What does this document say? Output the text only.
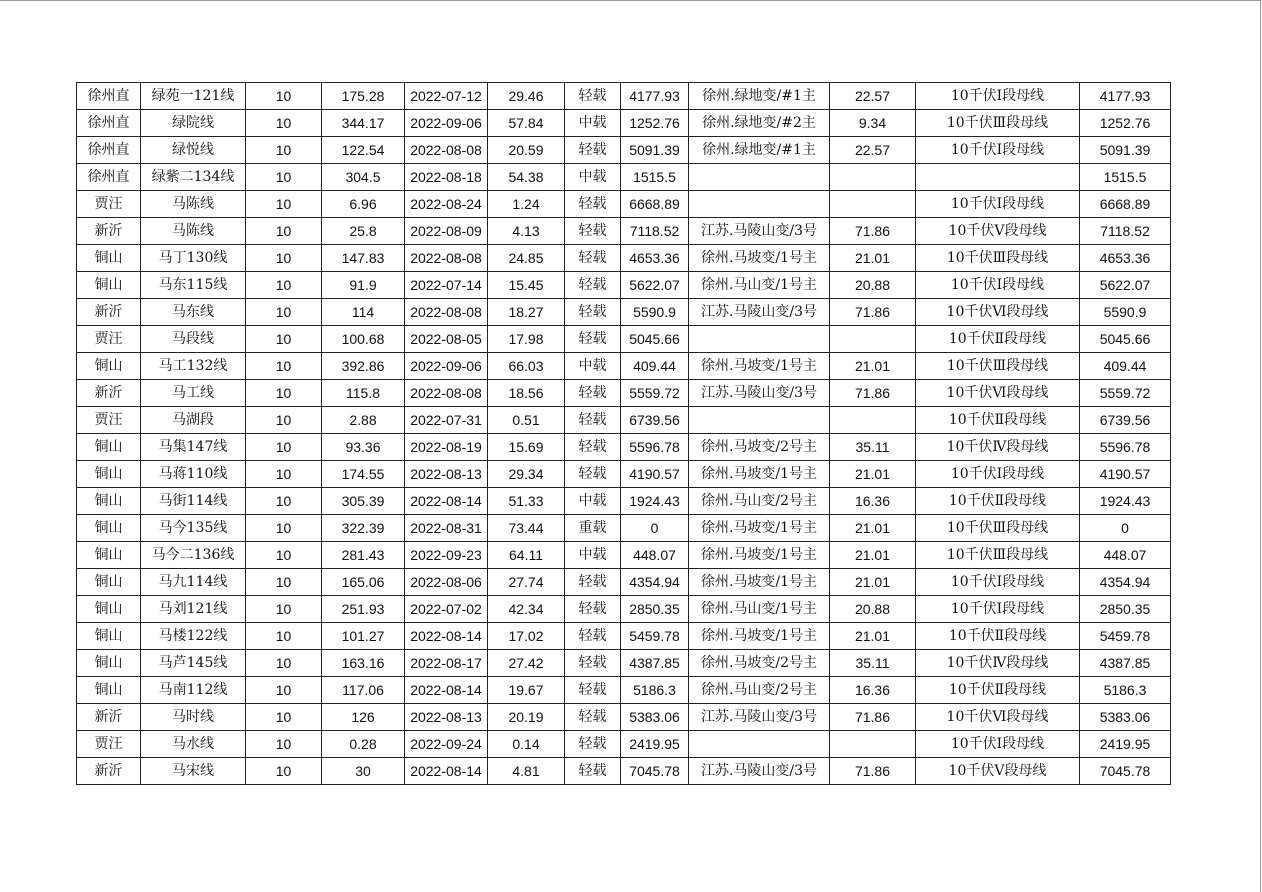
徐州直	绿苑一121线	10	175.28	2022-07-12	29.46	轻载	4177.93	徐州.绿地变/#1主	22.57	10千伏Ⅰ段母线	4177.93
徐州直	绿院线	10	344.17	2022-09-06	57.84	中载	1252.76	徐州.绿地变/#2主	9.34	10千伏Ⅲ段母线	1252.76
徐州直	绿悦线	10	122.54	2022-08-08	20.59	轻载	5091.39	徐州.绿地变/#1主	22.57	10千伏Ⅰ段母线	5091.39
徐州直	绿紫二134线	10	304.5	2022-08-18	54.38	中载	1515.5				1515.5
贾汪	马陈线	10	6.96	2022-08-24	1.24	轻载	6668.89			10千伏Ⅰ段母线	6668.89
新沂	马陈线	10	25.8	2022-08-09	4.13	轻载	7118.52	江苏.马陵山变/3号	71.86	10千伏Ⅴ段母线	7118.52
铜山	马丁130线	10	147.83	2022-08-08	24.85	轻载	4653.36	徐州.马坡变/1号主	21.01	10千伏Ⅲ段母线	4653.36
铜山	马东115线	10	91.9	2022-07-14	15.45	轻载	5622.07	徐州.马山变/1号主	20.88	10千伏Ⅰ段母线	5622.07
新沂	马东线	10	114	2022-08-08	18.27	轻载	5590.9	江苏.马陵山变/3号	71.86	10千伏Ⅵ段母线	5590.9
贾汪	马段线	10	100.68	2022-08-05	17.98	轻载	5045.66			10千伏Ⅱ段母线	5045.66
铜山	马工132线	10	392.86	2022-09-06	66.03	中载	409.44	徐州.马坡变/1号主	21.01	10千伏Ⅲ段母线	409.44
新沂	马工线	10	115.8	2022-08-08	18.56	轻载	5559.72	江苏.马陵山变/3号	71.86	10千伏Ⅵ段母线	5559.72
贾汪	马湖段	10	2.88	2022-07-31	0.51	轻载	6739.56			10千伏Ⅱ段母线	6739.56
铜山	马集147线	10	93.36	2022-08-19	15.69	轻载	5596.78	徐州.马坡变/2号主	35.11	10千伏Ⅳ段母线	5596.78
铜山	马蒋110线	10	174.55	2022-08-13	29.34	轻载	4190.57	徐州.马坡变/1号主	21.01	10千伏Ⅰ段母线	4190.57
铜山	马街114线	10	305.39	2022-08-14	51.33	中载	1924.43	徐州.马山变/2号主	16.36	10千伏Ⅱ段母线	1924.43
铜山	马今135线	10	322.39	2022-08-31	73.44	重载	0	徐州.马坡变/1号主	21.01	10千伏Ⅲ段母线	0
铜山	马今二136线	10	281.43	2022-09-23	64.11	中载	448.07	徐州.马坡变/1号主	21.01	10千伏Ⅲ段母线	448.07
铜山	马九114线	10	165.06	2022-08-06	27.74	轻载	4354.94	徐州.马坡变/1号主	21.01	10千伏Ⅰ段母线	4354.94
铜山	马刘121线	10	251.93	2022-07-02	42.34	轻载	2850.35	徐州.马山变/1号主	20.88	10千伏Ⅰ段母线	2850.35
铜山	马楼122线	10	101.27	2022-08-14	17.02	轻载	5459.78	徐州.马坡变/1号主	21.01	10千伏Ⅱ段母线	5459.78
铜山	马芦145线	10	163.16	2022-08-17	27.42	轻载	4387.85	徐州.马坡变/2号主	35.11	10千伏Ⅳ段母线	4387.85
铜山	马南112线	10	117.06	2022-08-14	19.67	轻载	5186.3	徐州.马山变/2号主	16.36	10千伏Ⅱ段母线	5186.3
新沂	马时线	10	126	2022-08-13	20.19	轻载	5383.06	江苏.马陵山变/3号	71.86	10千伏Ⅵ段母线	5383.06
贾汪	马水线	10	0.28	2022-09-24	0.14	轻载	2419.95			10千伏Ⅰ段母线	2419.95
新沂	马宋线	10	30	2022-08-14	4.81	轻载	7045.78	江苏.马陵山变/3号	71.86	10千伏Ⅴ段母线	7045.78
